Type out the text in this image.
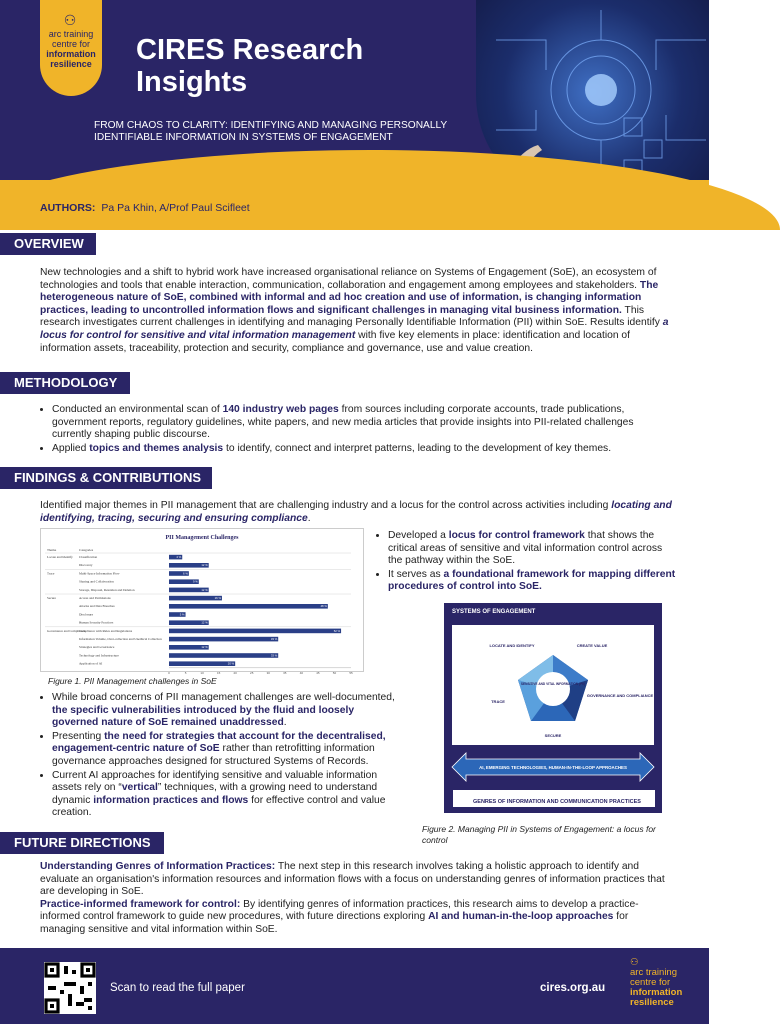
⚇
arc training
centre for
information
resilience	CIRES Research Insights
FROM CHAOS TO CLARITY: IDENTIFYING AND MANAGING PERSONALLY IDENTIFIABLE INFORMATION IN SYSTEMS OF ENGAGEMENT
AUTHORS: Pa Pa Khin, A/Prof Paul Scifleet
OVERVIEW
New technologies and a shift to hybrid work have increased organisational reliance on Systems of Engagement (SoE), an ecosystem of technologies and tools that enable interaction, communication, collaboration and engagement among employees and stakeholders. The heterogeneous nature of SoE, combined with informal and ad hoc creation and use of information, is changing information practices, leading to uncontrolled information flows and significant challenges in managing vital business information. This research investigates current challenges in identifying and managing Personally Identifiable Information (PII) within SoE. Results identify a locus for control for sensitive and vital information management with five key elements in place: identification and location of information assets, traceability, protection and security, compliance and governance, use and value creation.
METHODOLOGY
• Conducted an environmental scan of 140 industry web pages from sources including corporate accounts, trade publications, government reports, regulatory guidelines, white papers, and new media articles that provide insights into PII-related challenges currently shaping public discourse.
• Applied topics and themes analysis to identify, connect and interpret patterns, leading to the development of key themes.
FINDINGS & CONTRIBUTIONS
Identified major themes in PII management that are challenging industry and a locus for the control across activities including locating and identifying, tracing, securing and ensuring compliance.
PII Management Challenges
Theme	Categories
Locate and Identify Classification	4 %
Discovery	12 %
Trace	Multi-Space Information Flow	6 %
Sharing and Collaboration	9 %
Storage, Disposal, Retention and Deletion	12 %
Secure	Access and Permissions	16 %
Attacks and Data Breaches	48 %
Disclosure	5 %
Human Security Practices	12 %
Governance and Compliance
Compliance with Rules and Regulations	52 %
Information Volume, Over-collection and Unethical Collection	33 %
Strategies and Governance	12 %
Technology and Infrastructure	33 %
Application of AI	20 %
0	5	10	15	20	25	30	35	40	45	50	55
Figure 1. PII Management challenges in SoE
• Developed a locus for control framework that shows the critical areas of sensitive and vital information control across the pathway within the SoE.
• It serves as a foundational framework for mapping different procedures of control into SoE.
• While broad concerns of PII management challenges are well-documented, the specific vulnerabilities introduced by the fluid and loosely governed nature of SoE remained unaddressed.
• Presenting the need for strategies that account for the decentralised, engagement-centric nature of SoE rather than retrofitting information governance approaches designed for structured Systems of Records.
• Current AI approaches for identifying sensitive and valuable information assets rely on “vertical” techniques, with a growing need to understand dynamic information practices and flows for effective control and value creation.
SYSTEMS OF ENGAGEMENT
SENSITIVE AND VITAL INFORMATION (PII)
LOCATE AND IDENTIFY	CREATE VALUE
TRACE
GOVERNANCE AND COMPLIANCE
SECURE
AI, EMERGING TECHNOLOGIES, HUMAN-IN-THE-LOOP APPROACHES
GENRES OF INFORMATION AND COMMUNICATION PRACTICES
Figure 2. Managing PII in Systems of Engagement: a locus for control
FUTURE DIRECTIONS
Understanding Genres of Information Practices: The next step in this research involves taking a holistic approach to identify and evaluate an organisation's information resources and information flows with a focus on understanding genres of information practices that are developing in SoE.
Practice-informed framework for control: By identifying genres of information practices, this research aims to develop a practice-informed control framework to guide new procedures, with future directions exploring AI and human-in-the-loop approaches for managing sensitive and vital information within SoE.
Scan to read the full paper	cires.org.au
⚇
arc training
centre for
information
resilience
